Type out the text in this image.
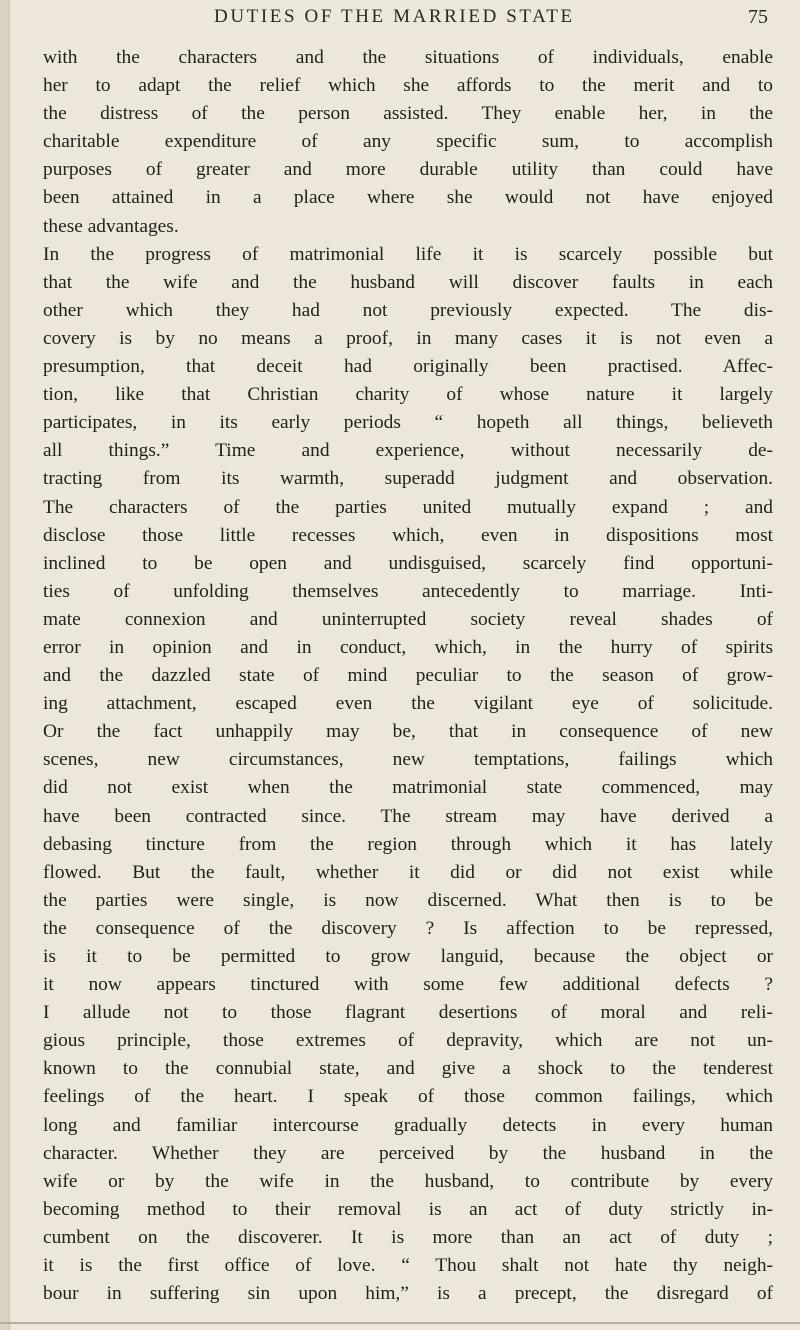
DUTIES OF THE MARRIED STATE	75
with the characters and the situations of individuals, enable
her to adapt the relief which she affords to the merit and to
the distress of the person assisted. They enable her, in the
charitable expenditure of any specific sum, to accomplish
purposes of greater and more durable utility than could have
been attained in a place where she would not have enjoyed
these advantages.
In the progress of matrimonial life it is scarcely possible but
that the wife and the husband will discover faults in each
other which they had not previously expected. The dis-
covery is by no means a proof, in many cases it is not even a
presumption, that deceit had originally been practised. Affec-
tion, like that Christian charity of whose nature it largely
participates, in its early periods “ hopeth all things, believeth
all things.” Time and experience, without necessarily de-
tracting from its warmth, superadd judgment and observation.
The characters of the parties united mutually expand ; and
disclose those little recesses which, even in dispositions most
inclined to be open and undisguised, scarcely find opportuni-
ties of unfolding themselves antecedently to marriage. Inti-
mate connexion and uninterrupted society reveal shades of
error in opinion and in conduct, which, in the hurry of spirits
and the dazzled state of mind peculiar to the season of grow-
ing attachment, escaped even the vigilant eye of solicitude.
Or the fact unhappily may be, that in consequence of new
scenes, new circumstances, new temptations, failings which
did not exist when the matrimonial state commenced, may
have been contracted since. The stream may have derived a
debasing tincture from the region through which it has lately
flowed. But the fault, whether it did or did not exist while
the parties were single, is now discerned. What then is to be
the consequence of the discovery ? Is affection to be repressed,
is it to be permitted to grow languid, because the object or
it now appears tinctured with some few additional defects ?
I allude not to those flagrant desertions of moral and reli-
gious principle, those extremes of depravity, which are not un-
known to the connubial state, and give a shock to the tenderest
feelings of the heart. I speak of those common failings, which
long and familiar intercourse gradually detects in every human
character. Whether they are perceived by the husband in the
wife or by the wife in the husband, to contribute by every
becoming method to their removal is an act of duty strictly in-
cumbent on the discoverer. It is more than an act of duty ;
it is the first office of love. “ Thou shalt not hate thy neigh-
bour in suffering sin upon him,” is a precept, the disregard of
